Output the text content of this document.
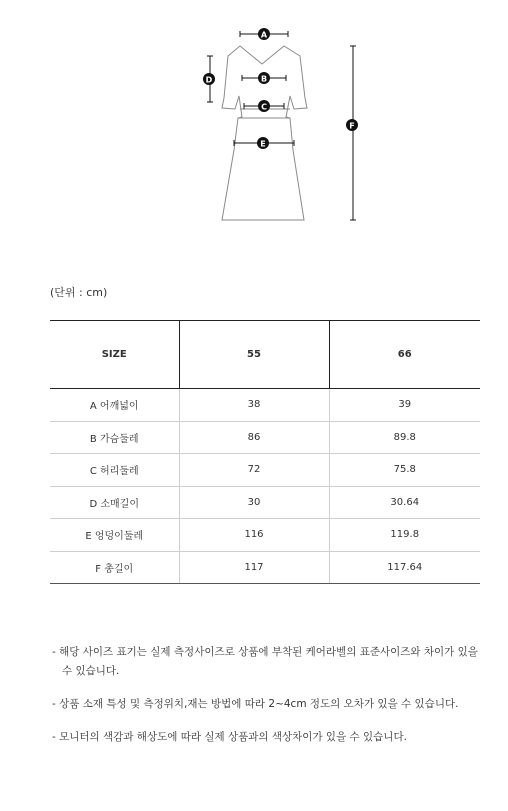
A
B
C
D
E
F
(단위 : cm)
SIZE	55	66
A 어깨넓이	38	39
B 가슴둘레	86	89.8
C 허리둘레	72	75.8
D 소매길이	30	30.64
E 엉덩이둘레	116	119.8
F 총길이	117	117.64

- 해당 사이즈 표기는 실제 측정사이즈로 상품에 부착된 케어라벨의 표준사이즈와 차이가 있을 수 있습니다.

- 상품 소재 특성 및 측정위치,재는 방법에 따라 2~4cm 정도의 오차가 있을 수 있습니다.

- 모니터의 색감과 해상도에 따라 실제 상품과의 색상차이가 있을 수 있습니다.
